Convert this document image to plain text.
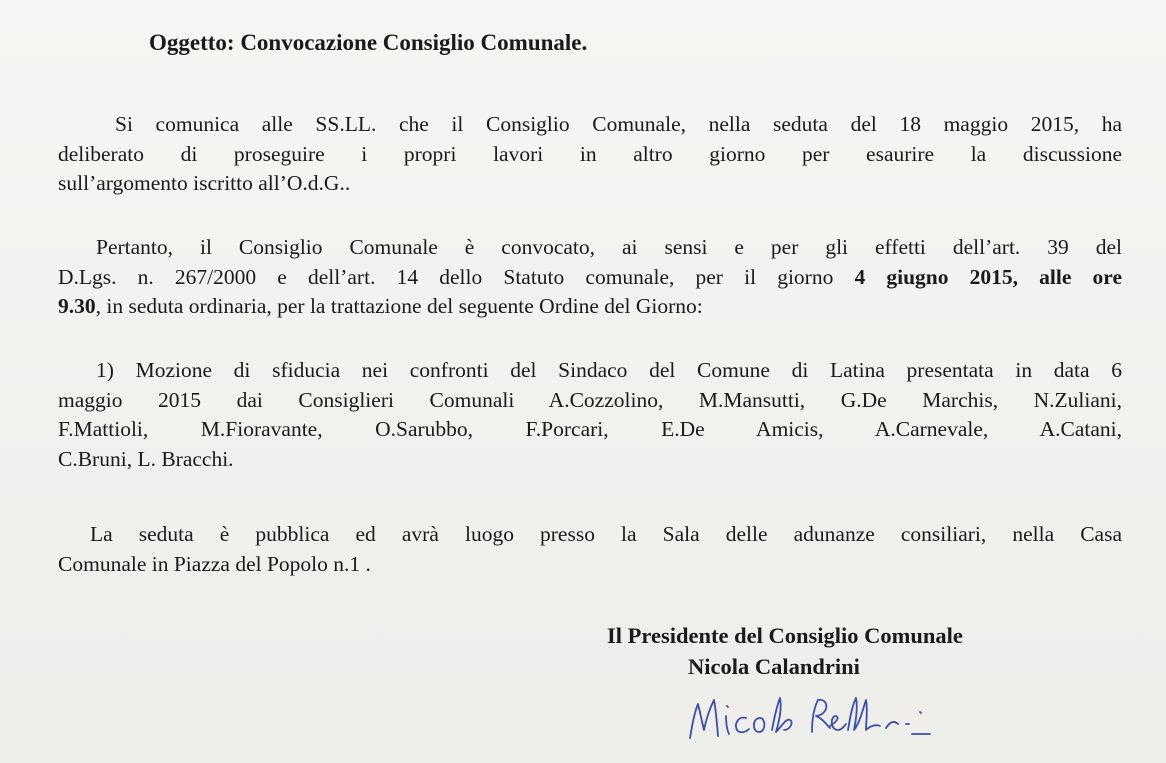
Oggetto: Convocazione Consiglio Comunale.
Si comunica alle SS.LL. che il Consiglio Comunale, nella seduta del 18 maggio 2015, ha
deliberato di proseguire i propri lavori in altro giorno per esaurire la discussione
sull’argomento iscritto all’O.d.G..
Pertanto, il Consiglio Comunale è convocato, ai sensi e per gli effetti dell’art. 39 del
D.Lgs. n. 267/2000 e dell’art. 14 dello Statuto comunale, per il giorno 4 giugno 2015, alle ore
9.30, in seduta ordinaria, per la trattazione del seguente Ordine del Giorno:
1) Mozione di sfiducia nei confronti del Sindaco del Comune di Latina presentata in data 6
maggio 2015 dai Consiglieri Comunali A.Cozzolino, M.Mansutti, G.De Marchis, N.Zuliani,
F.Mattioli, M.Fioravante, O.Sarubbo, F.Porcari, E.De Amicis, A.Carnevale, A.Catani,
C.Bruni, L. Bracchi.
La seduta è pubblica ed avrà luogo presso la Sala delle adunanze consiliari, nella Casa
Comunale in Piazza del Popolo n.1 .
Il Presidente del Consiglio Comunale
Nicola Calandrini
